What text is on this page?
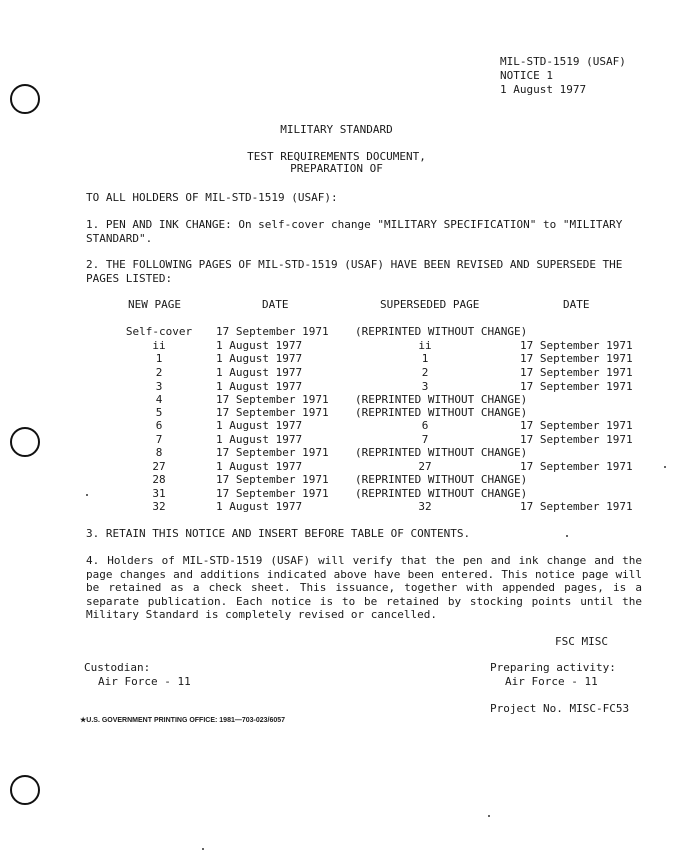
MIL-STD-1519 (USAF)
NOTICE 1
1 August 1977
MILITARY STANDARD
TEST REQUIREMENTS DOCUMENT,
PREPARATION OF
TO ALL HOLDERS OF MIL-STD-1519 (USAF):
1. PEN AND INK CHANGE: On self-cover change "MILITARY SPECIFICATION" to "MILITARY STANDARD".
2. THE FOLLOWING PAGES OF MIL-STD-1519 (USAF) HAVE BEEN REVISED AND SUPERSEDE THE PAGES LISTED:
NEW PAGE	DATE	SUPERSEDED PAGE	DATE
Self-cover	17 September 1971 (REPRINTED WITHOUT CHANGE)
ii	1 August 1977	ii	17 September 1971
1	1 August 1977	1	17 September 1971
2	1 August 1977	2	17 September 1971
3	1 August 1977	3	17 September 1971
4	17 September 1971 (REPRINTED WITHOUT CHANGE)
5	17 September 1971 (REPRINTED WITHOUT CHANGE)
6	1 August 1977	6	17 September 1971
7	1 August 1977	7	17 September 1971
8	17 September 1971 (REPRINTED WITHOUT CHANGE)
27	1 August 1977	27	17 September 1971
28	17 September 1971 (REPRINTED WITHOUT CHANGE)
31	17 September 1971 (REPRINTED WITHOUT CHANGE)
32	1 August 1977	32	17 September 1971
3. RETAIN THIS NOTICE AND INSERT BEFORE TABLE OF CONTENTS.
4. Holders of MIL-STD-1519 (USAF) will verify that the pen and ink change and the page changes and additions indicated above have been entered. This notice page will be retained as a check sheet. This issuance, together with appended pages, is a separate publication. Each notice is to be retained by stocking points until the Military Standard is completely revised or cancelled.
FSC MISC
Custodian:
Air Force - 11
Preparing activity:
Air Force - 11
Project No. MISC-FC53
★U.S. GOVERNMENT PRINTING OFFICE: 1981—703-023/6057
